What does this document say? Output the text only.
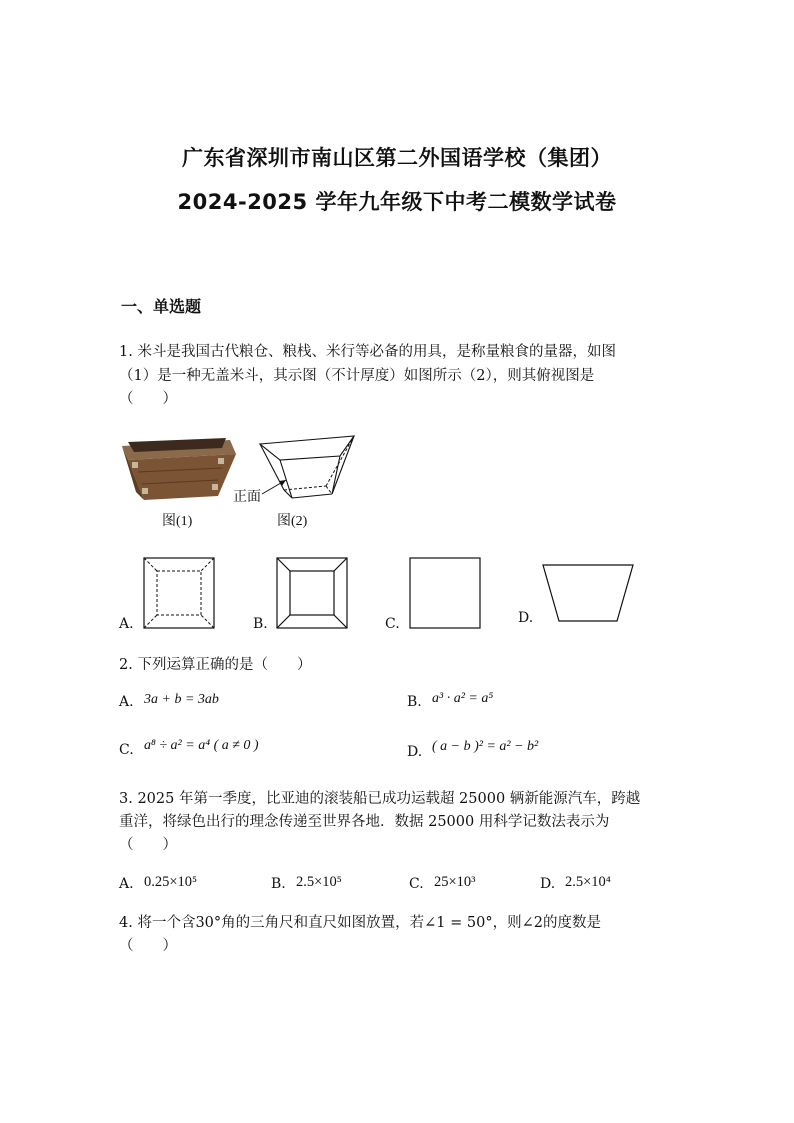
广东省深圳市南山区第二外国语学校（集团）
2024-2025 学年九年级下中考二模数学试卷
一、单选题
1. 米斗是我国古代粮仓、粮栈、米行等必备的用具，是称量粮食的量器，如图
（1）是一种无盖米斗，其示图（不计厚度）如图所示（2），则其俯视图是
（　　）
图(1)
正面
图(2)
A.	B.	C.	D.
2. 下列运算正确的是（　　）
A. 3a + b = 3ab	B. a³ · a² = a⁵
C. a⁸ ÷ a² = a⁴ ( a ≠ 0 )	D. ( a − b )² = a² − b²
3. 2025 年第一季度，比亚迪的滚装船已成功运载超 25000 辆新能源汽车，跨越
重洋，将绿色出行的理念传递至世界各地．数据 25000 用科学记数法表示为
（　　）
A. 0.25×10⁵	B. 2.5×10⁵	C. 25×10³	D. 2.5×10⁴
4. 将一个含30°角的三角尺和直尺如图放置，若∠1 = 50°，则∠2的度数是
（　　）
